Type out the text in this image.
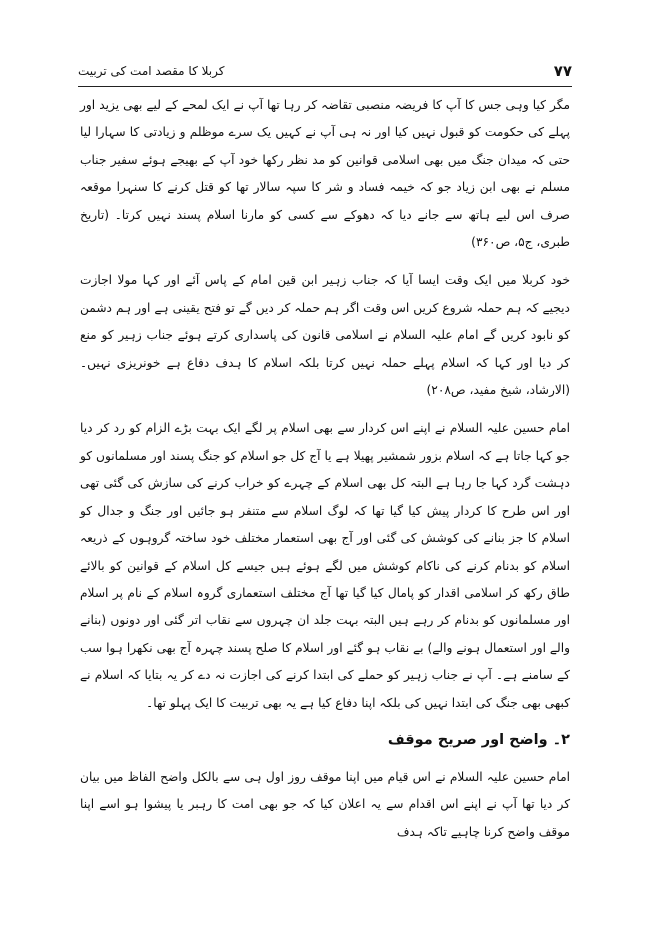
۷۷
کربلا کا مقصد امت کی تربیت

مگر کیا وہی جس کا آپ کا فریضہ منصبی تقاضہ کر رہا تھا آپ نے ایک لمحے کے لیے بھی یزید اور پہلے کی حکومت کو قبول نہیں کیا اور نہ ہی آپ نے کہیں یک سرے موظلم و زیادتی کا سہارا لیا حتی کہ میدان جنگ میں بھی اسلامی قوانین کو مد نظر رکھا خود آپ کے بھیجے ہوئے سفیر جناب مسلم نے بھی ابن زیاد جو کہ خیمہ فساد و شر کا سپہ سالار تھا کو قتل کرنے کا سنہرا موقعہ صرف اس لیے ہاتھ سے جانے دیا کہ دھوکے سے کسی کو مارنا اسلام پسند نہیں کرتا۔ (تاریخ طبری، ج۵، ص۳۶۰)

خود کربلا میں ایک وقت ایسا آیا کہ جناب زہیر ابن قین امام کے پاس آئے اور کہا مولا اجازت دیجیے کہ ہم حملہ شروع کریں اس وقت اگر ہم حملہ کر دیں گے تو فتح یقینی ہے اور ہم دشمن کو نابود کریں گے امام علیہ السلام نے اسلامی قانون کی پاسداری کرتے ہوئے جناب زہیر کو منع کر دیا اور کہا کہ اسلام پہلے حملہ نہیں کرتا بلکہ اسلام کا ہدف دفاع ہے خونریزی نہیں۔ (الارشاد، شیخ مفید، ص۲۰۸)

امام حسین علیہ السلام نے اپنے اس کردار سے بھی اسلام پر لگے ایک بہت بڑے الزام کو رد کر دیا جو کہا جاتا ہے کہ اسلام بزور شمشیر پھیلا ہے یا آج کل جو اسلام کو جنگ پسند اور مسلمانوں کو دہشت گرد کہا جا رہا ہے البتہ کل بھی اسلام کے چہرے کو خراب کرنے کی سازش کی گئی تھی اور اس طرح کا کردار پیش کیا گیا تھا کہ لوگ اسلام سے متنفر ہو جائیں اور جنگ و جدال کو اسلام کا جز بنانے کی کوشش کی گئی اور آج بھی استعمار مختلف خود ساختہ گروہوں کے ذریعہ اسلام کو بدنام کرنے کی ناکام کوشش میں لگے ہوئے ہیں جیسے کل اسلام کے قوانین کو بالائے طاق رکھ کر اسلامی اقدار کو پامال کیا گیا تھا آج مختلف استعماری گروہ اسلام کے نام پر اسلام اور مسلمانوں کو بدنام کر رہے ہیں البتہ بہت جلد ان چہروں سے نقاب اتر گئی اور دونوں (بنانے والے اور استعمال ہونے والے) بے نقاب ہو گئے اور اسلام کا صلح پسند چہرہ آج بھی نکھرا ہوا سب کے سامنے ہے۔ آپ نے جناب زہیر کو حملے کی ابتدا کرنے کی اجازت نہ دے کر یہ بتایا کہ اسلام نے کبھی بھی جنگ کی ابتدا نہیں کی بلکہ اپنا دفاع کیا ہے یہ بھی تربیت کا ایک پہلو تھا۔

۲۔ واضح اور صریح موقف

امام حسین علیہ السلام نے اس قیام میں اپنا موقف روز اول ہی سے بالکل واضح الفاظ میں بیان کر دیا تھا آپ نے اپنے اس اقدام سے یہ اعلان کیا کہ جو بھی امت کا رہبر یا پیشوا ہو اسے اپنا موقف واضح کرنا چاہیے تاکہ ہدف
